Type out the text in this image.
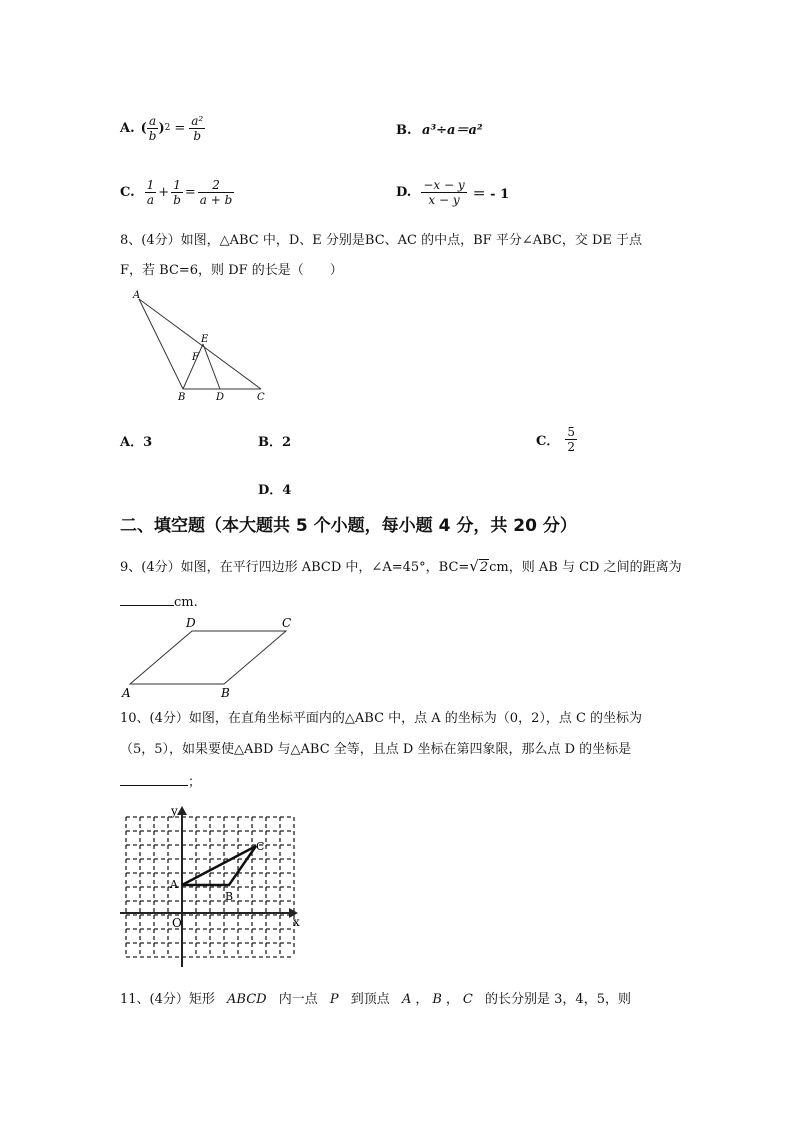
A. ( $\frac{a}{b}$ ) $2 = \frac{\text{a²}}{b}$	B. a³÷a＝a²
C. $\frac{1}{a} + \frac{1}{b} = \frac{2}{a + b}$	D. $\frac{-x - y}{x - y}$ ＝ - 1
8、(4分）如图，△ABC 中，D、E 分别是BC、AC 的中点，BF 平分∠ABC，交 DE 于点
F，若 BC=6，则 DF 的长是（　　）
A
E
F
B	D	C
A．3	B．2	C． $\frac{5}{2}$
D．4
二、填空题（本大题共 5 个小题，每小题 4 分，共 20 分）
9、(4分）如图，在平行四边形 ABCD 中，∠A=45°，BC= √ 2 cm，则 AB 与 CD 之间的距离为
cm.
A	B
C
D
10、(4分）如图，在直角坐标平面内的△ABC 中，点 A 的坐标为（0，2），点 C 的坐标为
（5，5），如果要使△ABD 与△ABC 全等，且点 D 坐标在第四象限，那么点 D 的坐标是
；
y
x
O
A
B
C
11、(4分）矩形 ABCD 内一点 P 到顶点 A ， B ， C 的长分别是 3，4，5，则
